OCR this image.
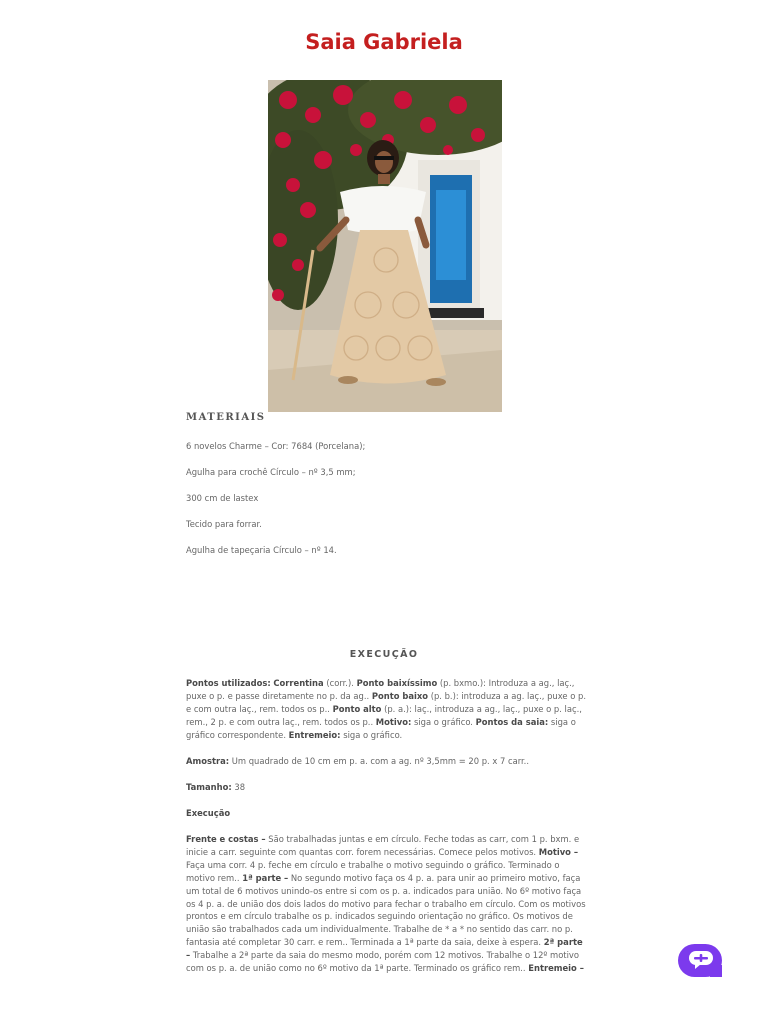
Saia Gabriela
MATERIAIS

6 novelos Charme – Cor: 7684 (Porcelana);

Agulha para crochê Círculo – nº 3,5 mm;

300 cm de lastex

Tecido para forrar.

Agulha de tapeçaria Círculo – nº 14.

EXECUÇÃO

Pontos utilizados: Correntina (corr.). Ponto baixíssimo (p. bxmo.): Introduza a ag., laç., puxe o p. e passe diretamente no p. da ag.. Ponto baixo (p. b.): introduza a ag. laç., puxe o p. e com outra laç., rem. todos os p.. Ponto alto (p. a.): laç., introduza a ag., laç., puxe o p. laç., rem., 2 p. e com outra laç., rem. todos os p.. Motivo: siga o gráfico. Pontos da saia: siga o gráfico correspondente. Entremeio: siga o gráfico.

Amostra: Um quadrado de 10 cm em p. a. com a ag. nº 3,5mm = 20 p. x 7 carr..

Tamanho: 38

Execução

Frente e costas – São trabalhadas juntas e em círculo. Feche todas as carr, com 1 p. bxm. e inicie a carr. seguinte com quantas corr. forem necessárias. Comece pelos motivos. Motivo – Faça uma corr. 4 p. feche em círculo e trabalhe o motivo seguindo o gráfico. Terminado o motivo rem.. 1ª parte – No segundo motivo faça os 4 p. a. para unir ao primeiro motivo, faça um total de 6 motivos unindo-os entre si com os p. a. indicados para união. No 6º motivo faça os 4 p. a. de união dos dois lados do motivo para fechar o trabalho em círculo. Com os motivos prontos e em círculo trabalhe os p. indicados seguindo orientação no gráfico. Os motivos de união são trabalhados cada um individualmente. Trabalhe de * a * no sentido das carr. no p. fantasia até completar 30 carr. e rem.. Terminada a 1ª parte da saia, deixe à espera. 2ª parte – Trabalhe a 2ª parte da saia do mesmo modo, porém com 12 motivos. Trabalhe o 12º motivo com os p. a. de união como no 6º motivo da 1ª parte. Terminado os gráfico rem.. Entremeio –
